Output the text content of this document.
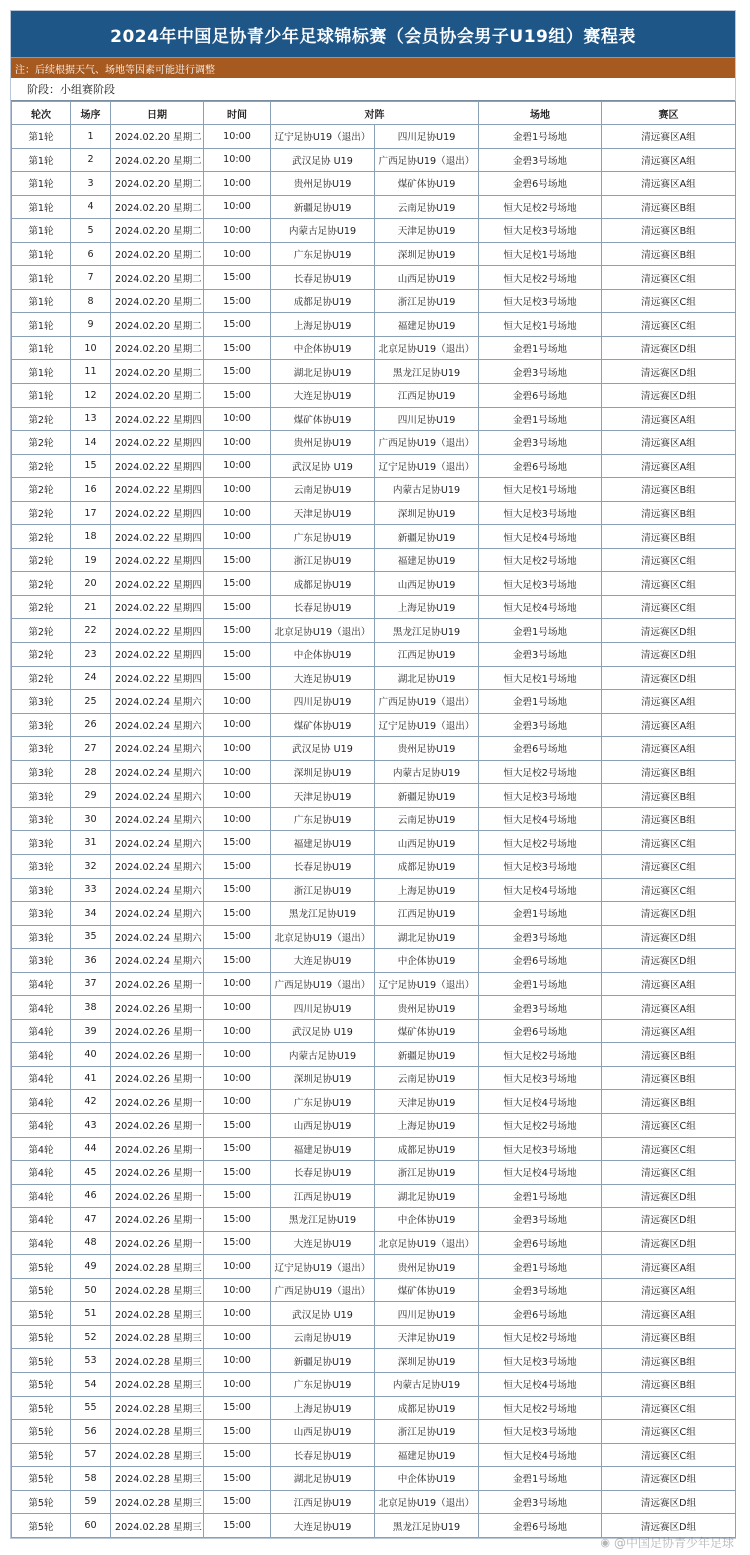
2024年中国足协青少年足球锦标赛（会员协会男子U19组）赛程表
注：后续根据天气、场地等因素可能进行调整
阶段：小组赛阶段
轮次	场序	日期	时间	对阵		场地	赛区
第1轮	1	2024.02.20 星期二	10:00	辽宁足协U19（退出）	四川足协U19	金碧1号场地	清远赛区A组
第1轮	2	2024.02.20 星期二	10:00	武汉足协 U19	广西足协U19（退出）	金碧3号场地	清远赛区A组
第1轮	3	2024.02.20 星期二	10:00	贵州足协U19	煤矿体协U19	金碧6号场地	清远赛区A组
第1轮	4	2024.02.20 星期二	10:00	新疆足协U19	云南足协U19	恒大足校2号场地	清远赛区B组
第1轮	5	2024.02.20 星期二	10:00	内蒙古足协U19	天津足协U19	恒大足校3号场地	清远赛区B组
第1轮	6	2024.02.20 星期二	10:00	广东足协U19	深圳足协U19	恒大足校1号场地	清远赛区B组
第1轮	7	2024.02.20 星期二	15:00	长春足协U19	山西足协U19	恒大足校2号场地	清远赛区C组
第1轮	8	2024.02.20 星期二	15:00	成都足协U19	浙江足协U19	恒大足校3号场地	清远赛区C组
第1轮	9	2024.02.20 星期二	15:00	上海足协U19	福建足协U19	恒大足校1号场地	清远赛区C组
第1轮	10	2024.02.20 星期二	15:00	中企体协U19	北京足协U19（退出）	金碧1号场地	清远赛区D组
第1轮	11	2024.02.20 星期二	15:00	湖北足协U19	黑龙江足协U19	金碧3号场地	清远赛区D组
第1轮	12	2024.02.20 星期二	15:00	大连足协U19	江西足协U19	金碧6号场地	清远赛区D组
第2轮	13	2024.02.22 星期四	10:00	煤矿体协U19	四川足协U19	金碧1号场地	清远赛区A组
第2轮	14	2024.02.22 星期四	10:00	贵州足协U19	广西足协U19（退出）	金碧3号场地	清远赛区A组
第2轮	15	2024.02.22 星期四	10:00	武汉足协 U19	辽宁足协U19（退出）	金碧6号场地	清远赛区A组
第2轮	16	2024.02.22 星期四	10:00	云南足协U19	内蒙古足协U19	恒大足校1号场地	清远赛区B组
第2轮	17	2024.02.22 星期四	10:00	天津足协U19	深圳足协U19	恒大足校3号场地	清远赛区B组
第2轮	18	2024.02.22 星期四	10:00	广东足协U19	新疆足协U19	恒大足校4号场地	清远赛区B组
第2轮	19	2024.02.22 星期四	15:00	浙江足协U19	福建足协U19	恒大足校2号场地	清远赛区C组
第2轮	20	2024.02.22 星期四	15:00	成都足协U19	山西足协U19	恒大足校3号场地	清远赛区C组
第2轮	21	2024.02.22 星期四	15:00	长春足协U19	上海足协U19	恒大足校4号场地	清远赛区C组
第2轮	22	2024.02.22 星期四	15:00	北京足协U19（退出）	黑龙江足协U19	金碧1号场地	清远赛区D组
第2轮	23	2024.02.22 星期四	15:00	中企体协U19	江西足协U19	金碧3号场地	清远赛区D组
第2轮	24	2024.02.22 星期四	15:00	大连足协U19	湖北足协U19	恒大足校1号场地	清远赛区D组
第3轮	25	2024.02.24 星期六	10:00	四川足协U19	广西足协U19（退出）	金碧1号场地	清远赛区A组
第3轮	26	2024.02.24 星期六	10:00	煤矿体协U19	辽宁足协U19（退出）	金碧3号场地	清远赛区A组
第3轮	27	2024.02.24 星期六	10:00	武汉足协 U19	贵州足协U19	金碧6号场地	清远赛区A组
第3轮	28	2024.02.24 星期六	10:00	深圳足协U19	内蒙古足协U19	恒大足校2号场地	清远赛区B组
第3轮	29	2024.02.24 星期六	10:00	天津足协U19	新疆足协U19	恒大足校3号场地	清远赛区B组
第3轮	30	2024.02.24 星期六	10:00	广东足协U19	云南足协U19	恒大足校4号场地	清远赛区B组
第3轮	31	2024.02.24 星期六	15:00	福建足协U19	山西足协U19	恒大足校2号场地	清远赛区C组
第3轮	32	2024.02.24 星期六	15:00	长春足协U19	成都足协U19	恒大足校3号场地	清远赛区C组
第3轮	33	2024.02.24 星期六	15:00	浙江足协U19	上海足协U19	恒大足校4号场地	清远赛区C组
第3轮	34	2024.02.24 星期六	15:00	黑龙江足协U19	江西足协U19	金碧1号场地	清远赛区D组
第3轮	35	2024.02.24 星期六	15:00	北京足协U19（退出）	湖北足协U19	金碧3号场地	清远赛区D组
第3轮	36	2024.02.24 星期六	15:00	大连足协U19	中企体协U19	金碧6号场地	清远赛区D组
第4轮	37	2024.02.26 星期一	10:00	广西足协U19（退出）	辽宁足协U19（退出）	金碧1号场地	清远赛区A组
第4轮	38	2024.02.26 星期一	10:00	四川足协U19	贵州足协U19	金碧3号场地	清远赛区A组
第4轮	39	2024.02.26 星期一	10:00	武汉足协 U19	煤矿体协U19	金碧6号场地	清远赛区A组
第4轮	40	2024.02.26 星期一	10:00	内蒙古足协U19	新疆足协U19	恒大足校2号场地	清远赛区B组
第4轮	41	2024.02.26 星期一	10:00	深圳足协U19	云南足协U19	恒大足校3号场地	清远赛区B组
第4轮	42	2024.02.26 星期一	10:00	广东足协U19	天津足协U19	恒大足校4号场地	清远赛区B组
第4轮	43	2024.02.26 星期一	15:00	山西足协U19	上海足协U19	恒大足校2号场地	清远赛区C组
第4轮	44	2024.02.26 星期一	15:00	福建足协U19	成都足协U19	恒大足校3号场地	清远赛区C组
第4轮	45	2024.02.26 星期一	15:00	长春足协U19	浙江足协U19	恒大足校4号场地	清远赛区C组
第4轮	46	2024.02.26 星期一	15:00	江西足协U19	湖北足协U19	金碧1号场地	清远赛区D组
第4轮	47	2024.02.26 星期一	15:00	黑龙江足协U19	中企体协U19	金碧3号场地	清远赛区D组
第4轮	48	2024.02.26 星期一	15:00	大连足协U19	北京足协U19（退出）	金碧6号场地	清远赛区D组
第5轮	49	2024.02.28 星期三	10:00	辽宁足协U19（退出）	贵州足协U19	金碧1号场地	清远赛区A组
第5轮	50	2024.02.28 星期三	10:00	广西足协U19（退出）	煤矿体协U19	金碧3号场地	清远赛区A组
第5轮	51	2024.02.28 星期三	10:00	武汉足协 U19	四川足协U19	金碧6号场地	清远赛区A组
第5轮	52	2024.02.28 星期三	10:00	云南足协U19	天津足协U19	恒大足校2号场地	清远赛区B组
第5轮	53	2024.02.28 星期三	10:00	新疆足协U19	深圳足协U19	恒大足校3号场地	清远赛区B组
第5轮	54	2024.02.28 星期三	10:00	广东足协U19	内蒙古足协U19	恒大足校4号场地	清远赛区B组
第5轮	55	2024.02.28 星期三	15:00	上海足协U19	成都足协U19	恒大足校2号场地	清远赛区C组
第5轮	56	2024.02.28 星期三	15:00	山西足协U19	浙江足协U19	恒大足校3号场地	清远赛区C组
第5轮	57	2024.02.28 星期三	15:00	长春足协U19	福建足协U19	恒大足校4号场地	清远赛区C组
第5轮	58	2024.02.28 星期三	15:00	湖北足协U19	中企体协U19	金碧1号场地	清远赛区D组
第5轮	59	2024.02.28 星期三	15:00	江西足协U19	北京足协U19（退出）	金碧3号场地	清远赛区D组
第5轮	60	2024.02.28 星期三	15:00	大连足协U19	黑龙江足协U19	金碧6号场地	清远赛区D组
◉ @中国足协青少年足球
